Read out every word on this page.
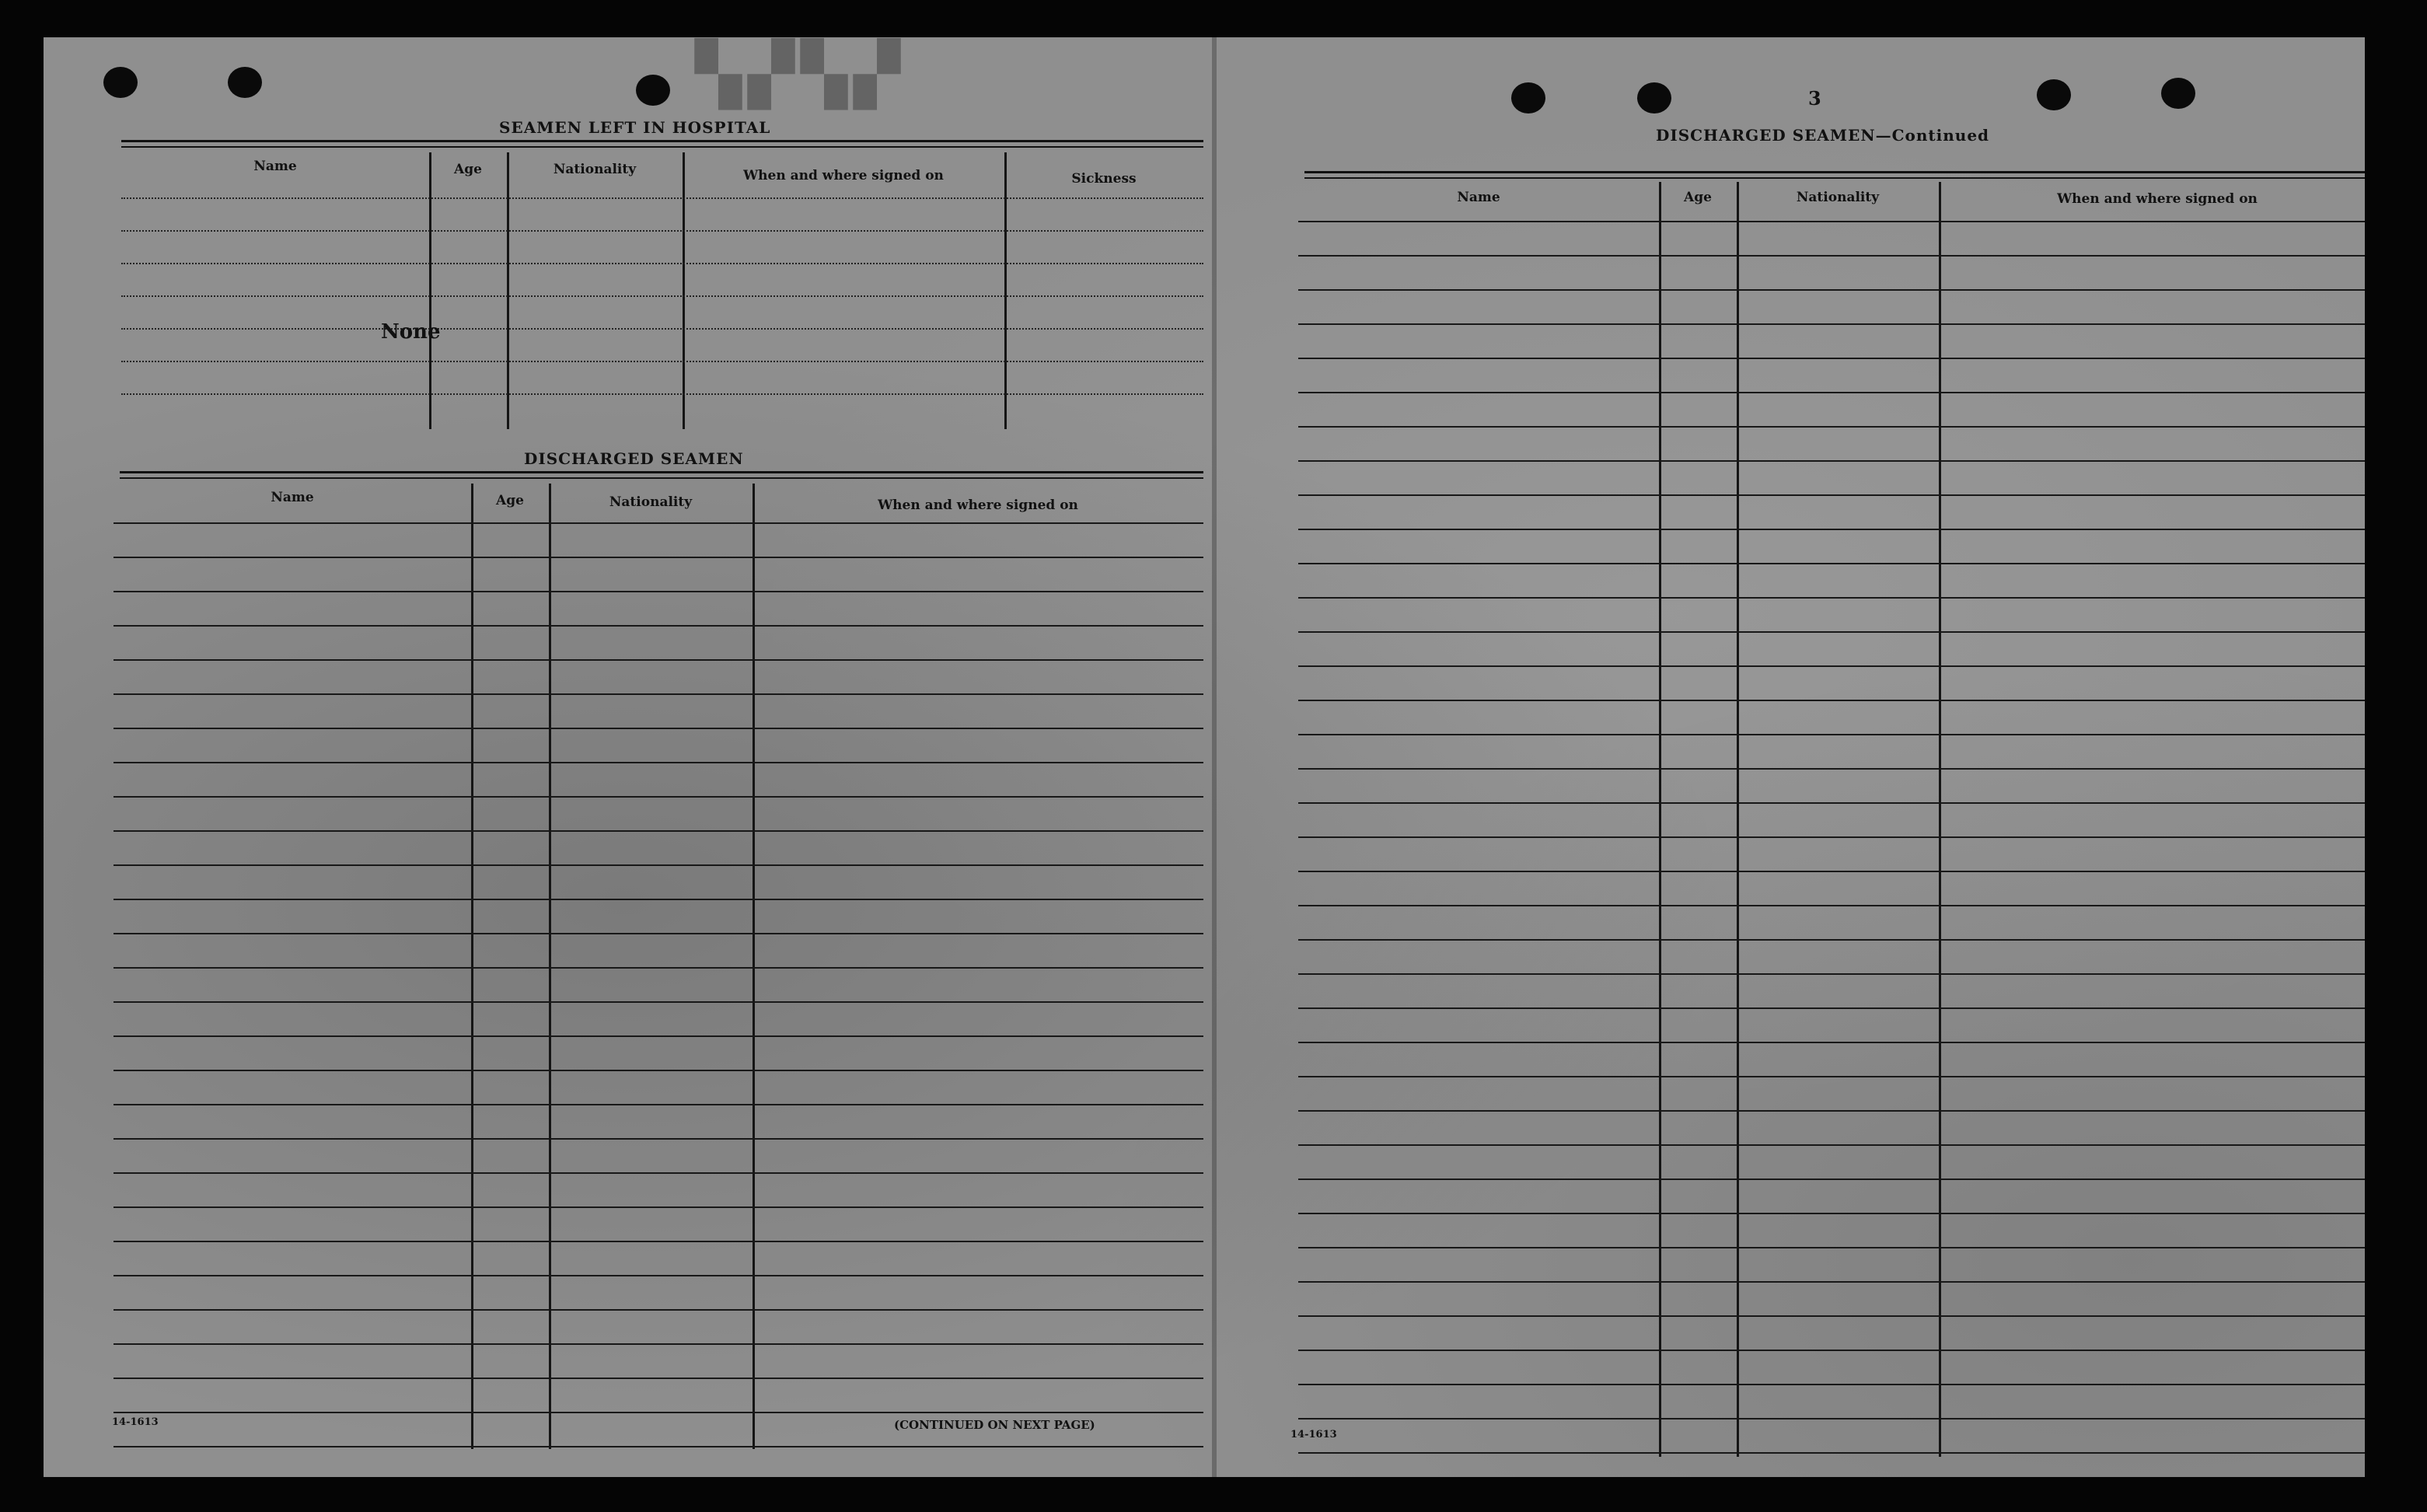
▚▞▚▞
SEAMEN LEFT IN HOSPITAL
Name	Age	Nationality	When and where signed on	Sickness
None
DISCHARGED SEAMEN
Name	Age	Nationality	When and where signed on
14-1613	(CONTINUED ON NEXT PAGE)
3
DISCHARGED SEAMEN—Continued
Name	Age	Nationality	When and where signed on
14-1613
